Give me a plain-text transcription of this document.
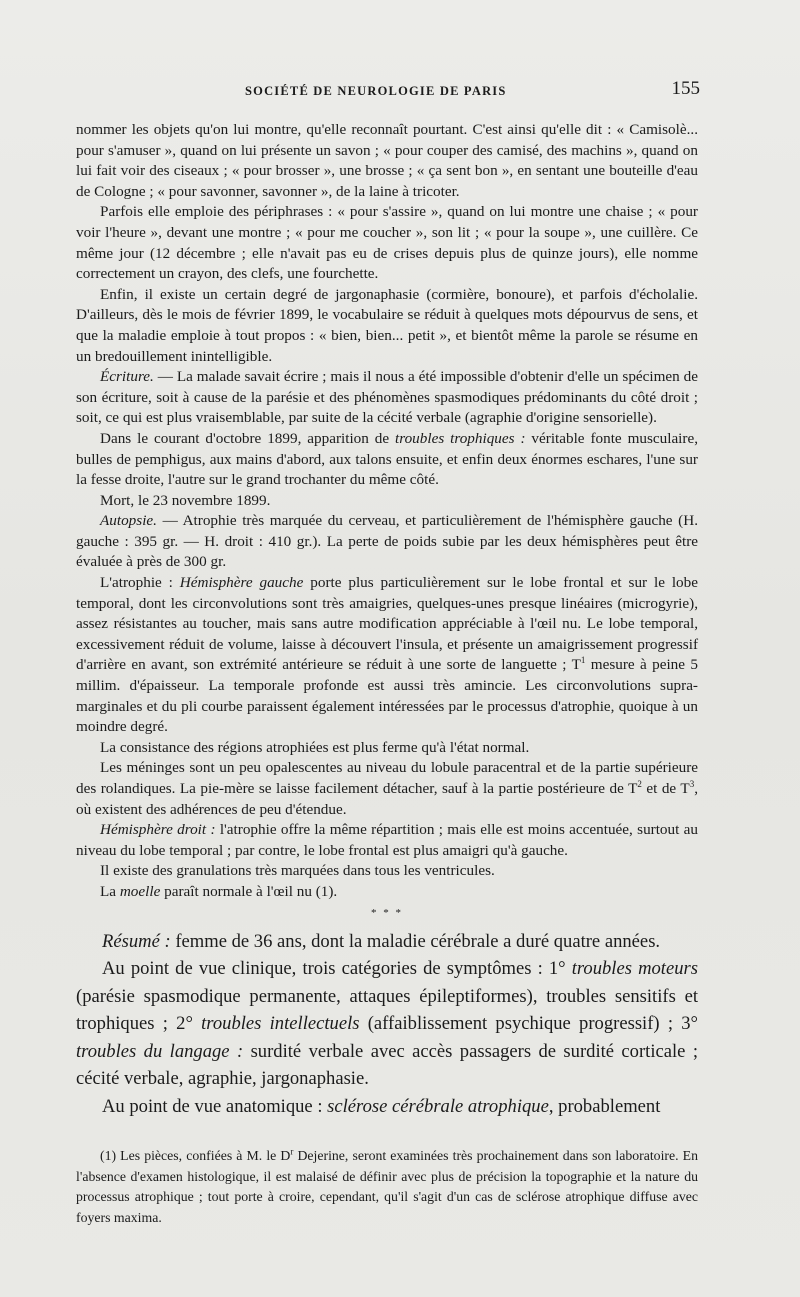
SOCIÉTÉ DE NEUROLOGIE DE PARIS	155

nommer les objets qu'on lui montre, qu'elle reconnaît pourtant. C'est ainsi qu'elle dit : « Camisolè... pour s'amuser », quand on lui présente un savon ; « pour couper des camisé, des machins », quand on lui fait voir des ciseaux ; « pour brosser », une brosse ; « ça sent bon », en sentant une bouteille d'eau de Cologne ; « pour savonner, savonner », de la laine à tricoter.

Parfois elle emploie des périphrases : « pour s'assire », quand on lui montre une chaise ; « pour voir l'heure », devant une montre ; « pour me coucher », son lit ; « pour la soupe », une cuillère. Ce même jour (12 décembre ; elle n'avait pas eu de crises depuis plus de quinze jours), elle nomme correctement un crayon, des clefs, une fourchette.

Enfin, il existe un certain degré de jargonaphasie (cormière, bonoure), et parfois d'écholalie. D'ailleurs, dès le mois de février 1899, le vocabulaire se réduit à quelques mots dépourvus de sens, et que la maladie emploie à tout propos : « bien, bien... petit », et bientôt même la parole se résume en un bredouillement inintelligible.

Écriture. — La malade savait écrire ; mais il nous a été impossible d'obtenir d'elle un spécimen de son écriture, soit à cause de la parésie et des phénomènes spasmodiques prédominants du côté droit ; soit, ce qui est plus vraisemblable, par suite de la cécité verbale (agraphie d'origine sensorielle).

Dans le courant d'octobre 1899, apparition de troubles trophiques : véritable fonte musculaire, bulles de pemphigus, aux mains d'abord, aux talons ensuite, et enfin deux énormes eschares, l'une sur la fesse droite, l'autre sur le grand trochanter du même côté.

Mort, le 23 novembre 1899.

Autopsie. — Atrophie très marquée du cerveau, et particulièrement de l'hémisphère gauche (H. gauche : 395 gr. — H. droit : 410 gr.). La perte de poids subie par les deux hémisphères peut être évaluée à près de 300 gr.

L'atrophie : Hémisphère gauche porte plus particulièrement sur le lobe frontal et sur le lobe temporal, dont les circonvolutions sont très amaigries, quelques-unes presque linéaires (microgyrie), assez résistantes au toucher, mais sans autre modification appréciable à l'œil nu. Le lobe temporal, excessivement réduit de volume, laisse à découvert l'insula, et présente un amaigrissement progressif d'arrière en avant, son extrémité antérieure se réduit à une sorte de languette ; $T^1$ mesure à peine 5 millim. d'épaisseur. La temporale profonde est aussi très amincie. Les circonvolutions supra-marginales et du pli courbe paraissent également intéressées par le processus d'atrophie, quoique à un moindre degré.

La consistance des régions atrophiées est plus ferme qu'à l'état normal.

Les méninges sont un peu opalescentes au niveau du lobule paracentral et de la partie supérieure des rolandiques. La pie-mère se laisse facilement détacher, sauf à la partie postérieure de $T^2$ et de $T^3$, où existent des adhérences de peu d'étendue.

Hémisphère droit : l'atrophie offre la même répartition ; mais elle est moins accentuée, surtout au niveau du lobe temporal ; par contre, le lobe frontal est plus amaigri qu'à gauche.

Il existe des granulations très marquées dans tous les ventricules.

La moelle paraît normale à l'œil nu (1).

* * *

Résumé : femme de 36 ans, dont la maladie cérébrale a duré quatre années.

Au point de vue clinique, trois catégories de symptômes : 1° troubles moteurs (parésie spasmodique permanente, attaques épileptiformes), troubles sensitifs et trophiques ; 2° troubles intellectuels (affaiblissement psychique progressif) ; 3° troubles du langage : surdité verbale avec accès passagers de surdité corticale ; cécité verbale, agraphie, jargonaphasie.

Au point de vue anatomique : sclérose cérébrale atrophique, probablement

(1) Les pièces, confiées à M. le $D^r$ Dejerine, seront examinées très prochainement dans son laboratoire. En l'absence d'examen histologique, il est malaisé de définir avec plus de précision la topographie et la nature du processus atrophique ; tout porte à croire, cependant, qu'il s'agit d'un cas de sclérose atrophique diffuse avec foyers maxima.
